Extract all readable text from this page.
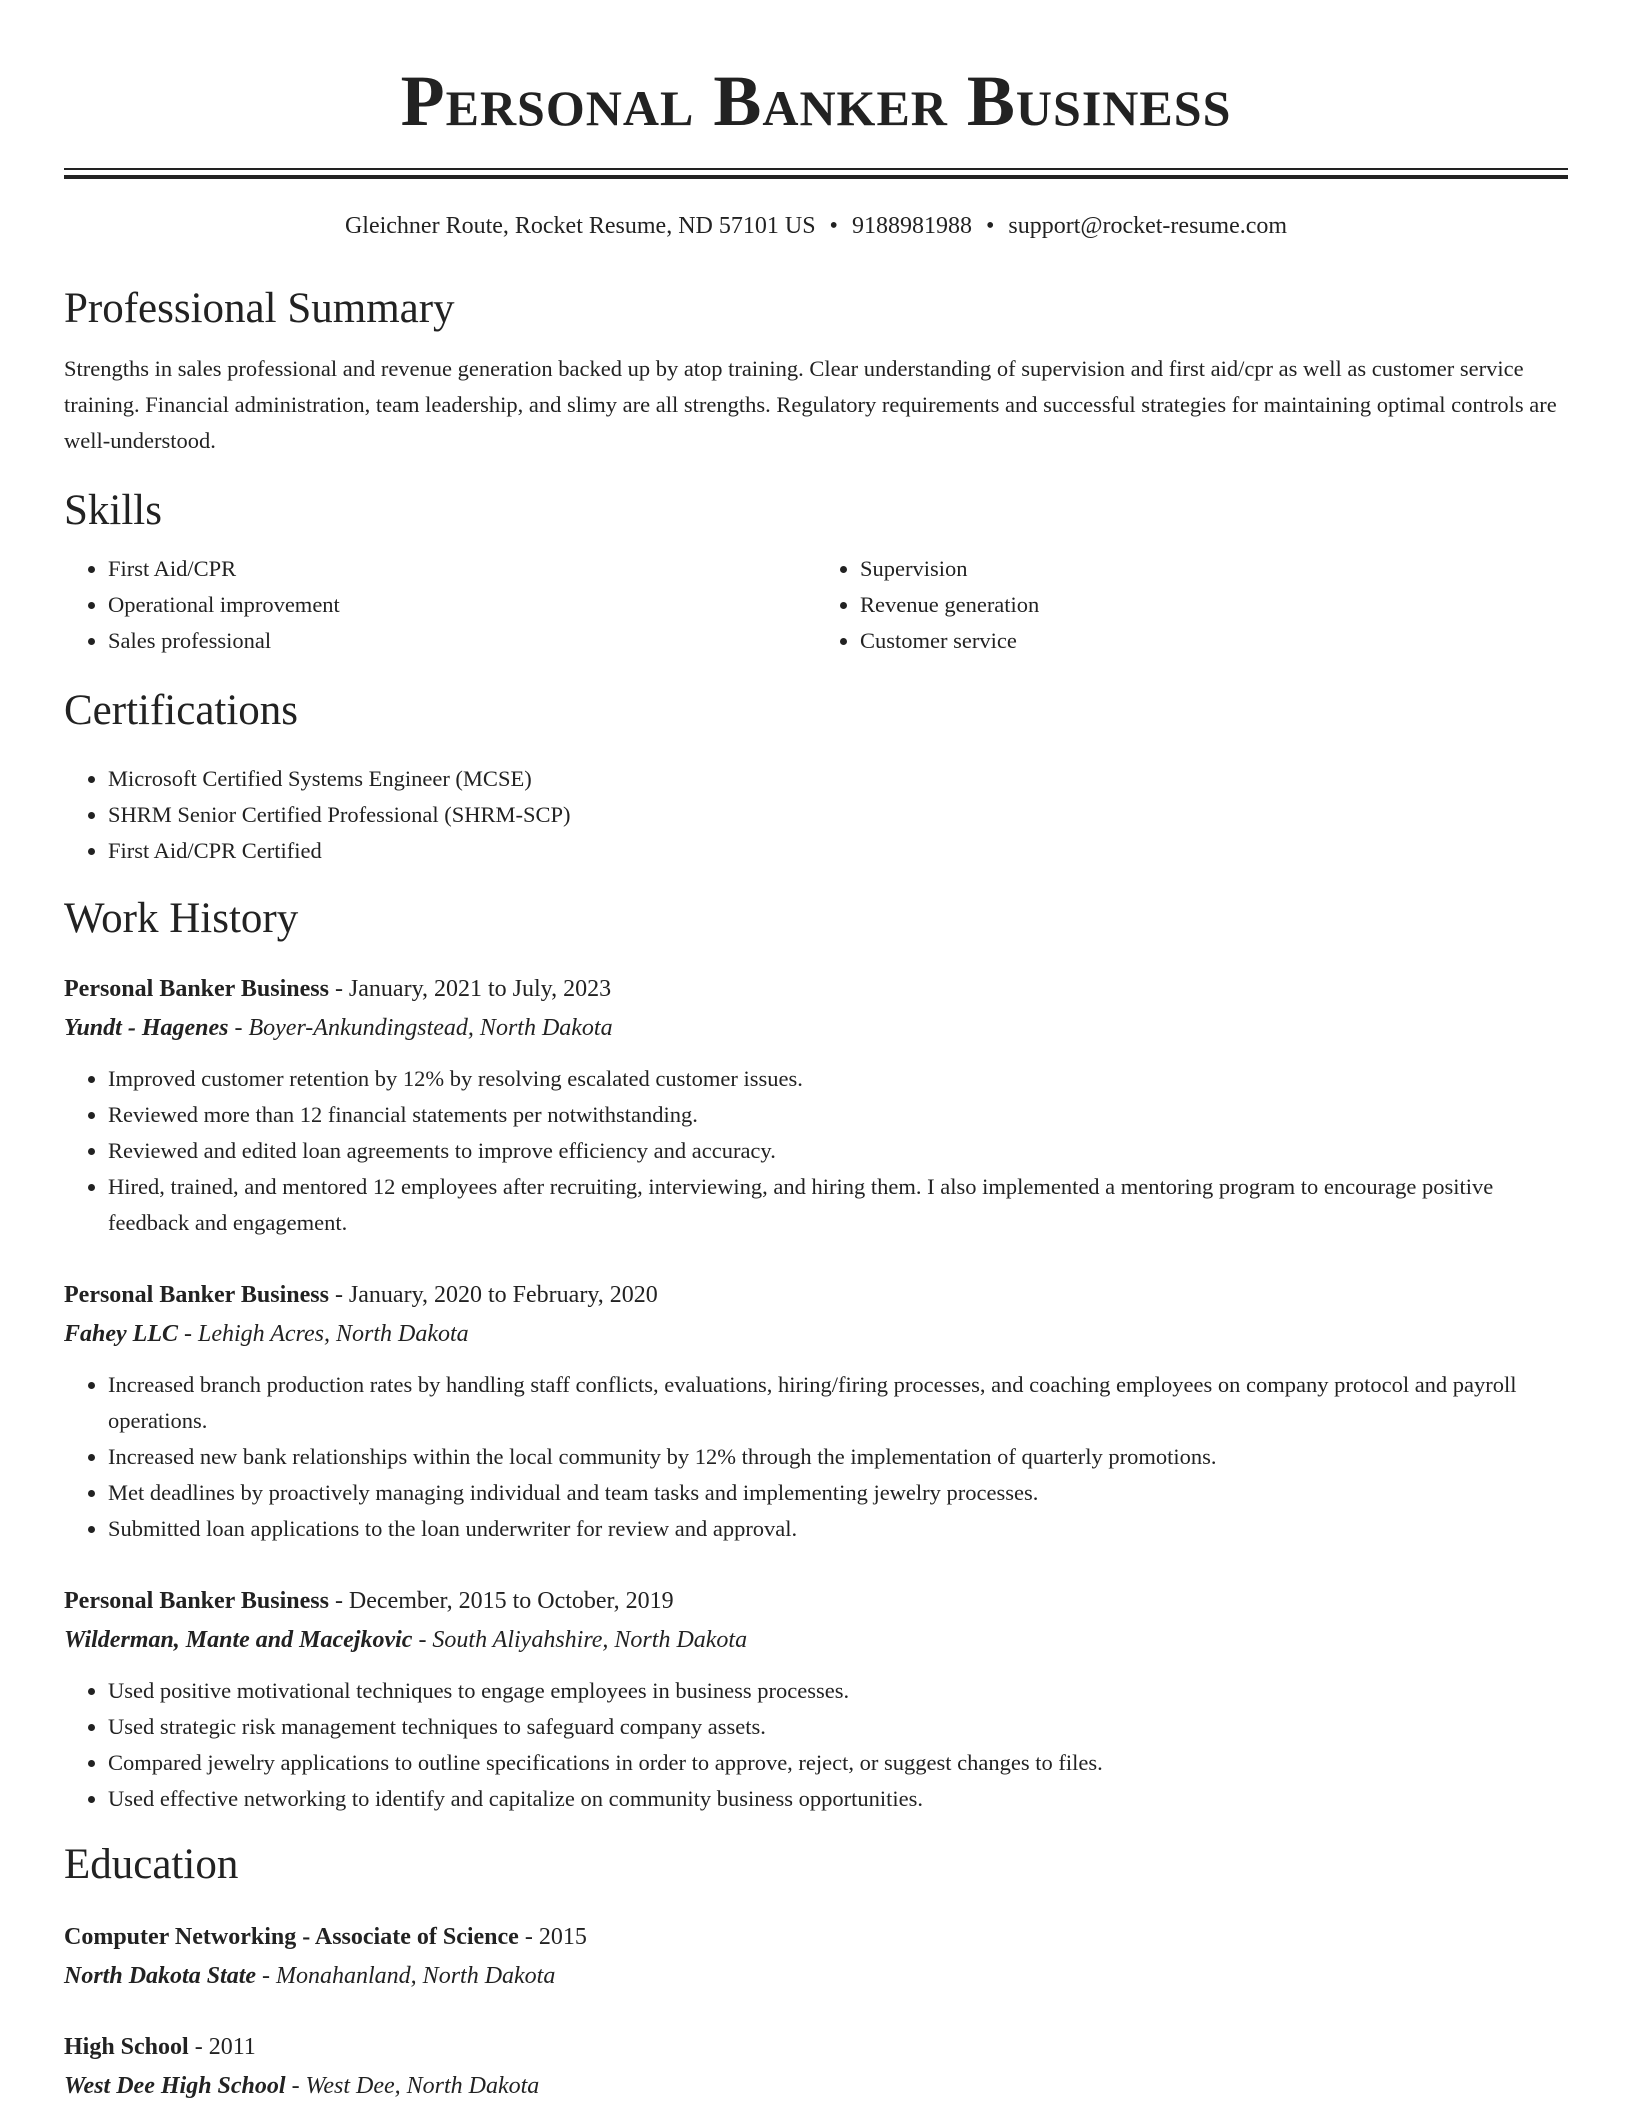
Personal Banker Business
Gleichner Route, Rocket Resume, ND 57101 US • 9188981988 • support@rocket-resume.com
Professional Summary
Strengths in sales professional and revenue generation backed up by atop training. Clear understanding of supervision and first aid/cpr as well as customer service training. Financial administration, team leadership, and slimy are all strengths. Regulatory requirements and successful strategies for maintaining optimal controls are well-understood.
Skills
• First Aid/CPR
• Operational improvement
• Sales professional
• Supervision
• Revenue generation
• Customer service
Certifications
• Microsoft Certified Systems Engineer (MCSE)
• SHRM Senior Certified Professional (SHRM-SCP)
• First Aid/CPR Certified
Work History
Personal Banker Business - January, 2021 to July, 2023
Yundt - Hagenes - Boyer-Ankundingstead, North Dakota
• Improved customer retention by 12% by resolving escalated customer issues.
• Reviewed more than 12 financial statements per notwithstanding.
• Reviewed and edited loan agreements to improve efficiency and accuracy.
• Hired, trained, and mentored 12 employees after recruiting, interviewing, and hiring them. I also implemented a mentoring program to encourage positive feedback and engagement.
Personal Banker Business - January, 2020 to February, 2020
Fahey LLC - Lehigh Acres, North Dakota
• Increased branch production rates by handling staff conflicts, evaluations, hiring/firing processes, and coaching employees on company protocol and payroll operations.
• Increased new bank relationships within the local community by 12% through the implementation of quarterly promotions.
• Met deadlines by proactively managing individual and team tasks and implementing jewelry processes.
• Submitted loan applications to the loan underwriter for review and approval.
Personal Banker Business - December, 2015 to October, 2019
Wilderman, Mante and Macejkovic - South Aliyahshire, North Dakota
• Used positive motivational techniques to engage employees in business processes.
• Used strategic risk management techniques to safeguard company assets.
• Compared jewelry applications to outline specifications in order to approve, reject, or suggest changes to files.
• Used effective networking to identify and capitalize on community business opportunities.
Education
Computer Networking - Associate of Science - 2015
North Dakota State - Monahanland, North Dakota
High School - 2011
West Dee High School - West Dee, North Dakota
